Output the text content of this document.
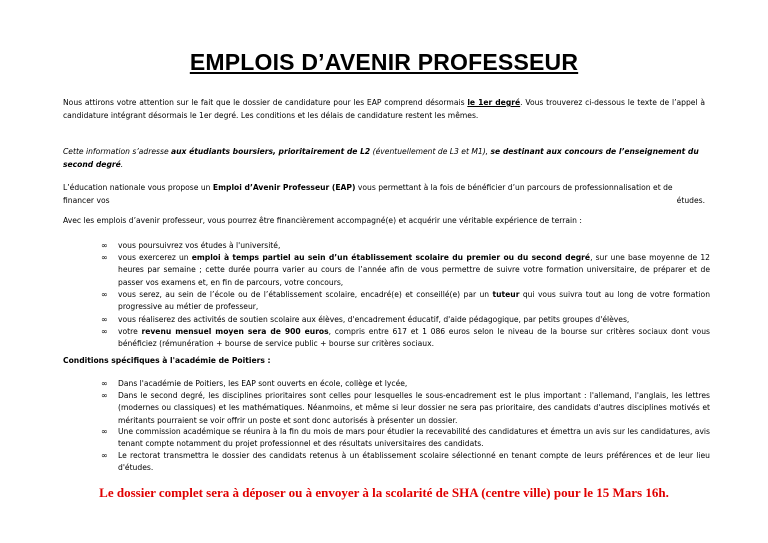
EMPLOIS D’AVENIR PROFESSEUR

Nous attirons votre attention sur le fait que le dossier de candidature pour les EAP comprend désormais le 1er degré. Vous trouverez ci-dessous le texte de l’appel à candidature intégrant désormais le 1er degré. Les conditions et les délais de candidature restent les mêmes.

Cette information s’adresse aux étudiants boursiers, prioritairement de L2 (éventuellement de L3 et M1), se destinant aux concours de l’enseignement du second degré.

L’éducation nationale vous propose un Emploi d’Avenir Professeur (EAP) vous permettant à la fois de bénéficier d’un parcours de professionnalisation et de financer vos	études.

Avec les emplois d’avenir professeur, vous pourrez être financièrement accompagné(e) et acquérir une véritable expérience de terrain :

∞ vous poursuivrez vos études à l'université,
∞ vous exercerez un emploi à temps partiel au sein d’un établissement scolaire du premier ou du second degré, sur une base moyenne de 12 heures par semaine ; cette durée pourra varier au cours de l’année afin de vous permettre de suivre votre formation universitaire, de préparer et de passer vos examens et, en fin de parcours, votre concours,
∞ vous serez, au sein de l’école ou de l’établissement scolaire, encadré(e) et conseillé(e) par un tuteur qui vous suivra tout au long de votre formation progressive au métier de professeur,
∞ vous réaliserez des activités de soutien scolaire aux élèves, d'encadrement éducatif, d'aide pédagogique, par petits groupes d'élèves,
∞ votre revenu mensuel moyen sera de 900 euros, compris entre 617 et 1 086 euros selon le niveau de la bourse sur critères sociaux dont vous bénéficiez (rémunération + bourse de service public + bourse sur critères sociaux.

Conditions spécifiques à l'académie de Poitiers :

∞ Dans l'académie de Poitiers, les EAP sont ouverts en école, collège et lycée,
∞ Dans le second degré, les disciplines prioritaires sont celles pour lesquelles le sous-encadrement est le plus important : l'allemand, l'anglais, les lettres (modernes ou classiques) et les mathématiques. Néanmoins, et même si leur dossier ne sera pas prioritaire, des candidats d'autres disciplines motivés et méritants pourraient se voir offrir un poste et sont donc autorisés à présenter un dossier.
∞ Une commission académique se réunira à la fin du mois de mars pour étudier la recevabilité des candidatures et émettra un avis sur les candidatures, avis tenant compte notamment du projet professionnel et des résultats universitaires des candidats.
∞ Le rectorat transmettra le dossier des candidats retenus à un établissement scolaire sélectionné en tenant compte de leurs préférences et de leur lieu d'études.
Le dossier complet sera à déposer ou à envoyer à la scolarité de SHA (centre ville) pour le 15 Mars 16h.
